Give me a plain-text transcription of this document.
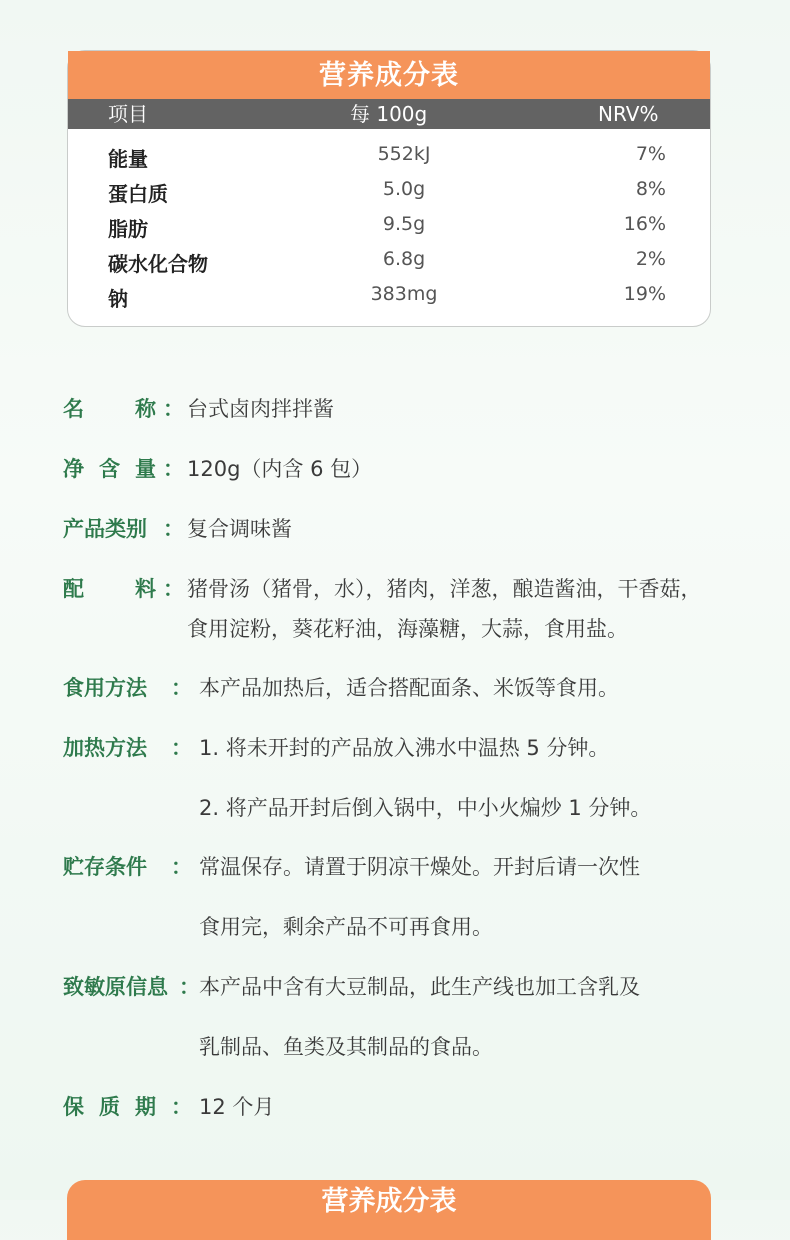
营养成分表
项目	每 100g	NRV%
能量	552kJ	7%
蛋白质	5.0g	8%
脂肪	9.5g	16%
碳水化合物	6.8g	2%
钠	383mg	19%
名 称 ： 台式卤肉拌拌酱
净 含 量 ： 120g（内含 6 包）
产品类别 ： 复合调味酱
配 料 ： 猪骨汤（猪骨，水），猪肉，洋葱，酿造酱油，干香菇，
食用淀粉，葵花籽油，海藻糖，大蒜，食用盐。
食用方法 ： 本产品加热后，适合搭配面条、米饭等食用。
加热方法 ： 1. 将未开封的产品放入沸水中温热 5 分钟。
2. 将产品开封后倒入锅中，中小火煸炒 1 分钟。
贮存条件 ： 常温保存。请置于阴凉干燥处。开封后请一次性
食用完，剩余产品不可再食用。
致敏原信息 ： 本产品中含有大豆制品，此生产线也加工含乳及
乳制品、鱼类及其制品的食品。
保 质 期 ： 12 个月
营养成分表
